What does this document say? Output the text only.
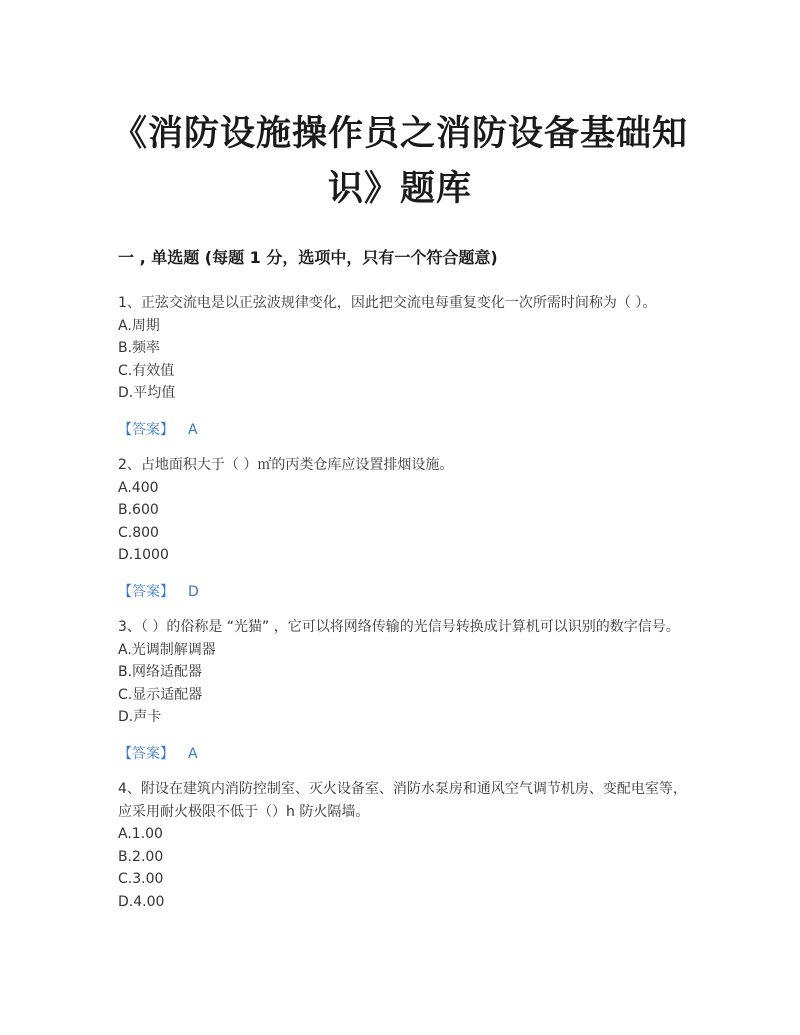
《消防设施操作员之消防设备基础知
识》题库
一 , 单选题 (每题 1 分，选项中，只有一个符合题意)

1、正弦交流电是以正弦波规律变化，因此把交流电每重复变化一次所需时间称为（ ）。

A.周期
B.频率
C.有效值
D.平均值
【答案】 A

2、占地面积大于（ ）㎡的丙类仓库应设置排烟设施。

A.400
B.600
C.800
D.1000
【答案】 D

3、（ ）的俗称是 “光猫” ，它可以将网络传输的光信号转换成计算机可以识别的数字信号。

A.光调制解调器
B.网络适配器
C.显示适配器
D.声卡
【答案】 A

4、附设在建筑内消防控制室、灭火设备室、消防水泵房和通风空气调节机房、变配电室等，应采用耐火极限不低于（）h 防火隔墙。

A.1.00
B.2.00
C.3.00
D.4.00
